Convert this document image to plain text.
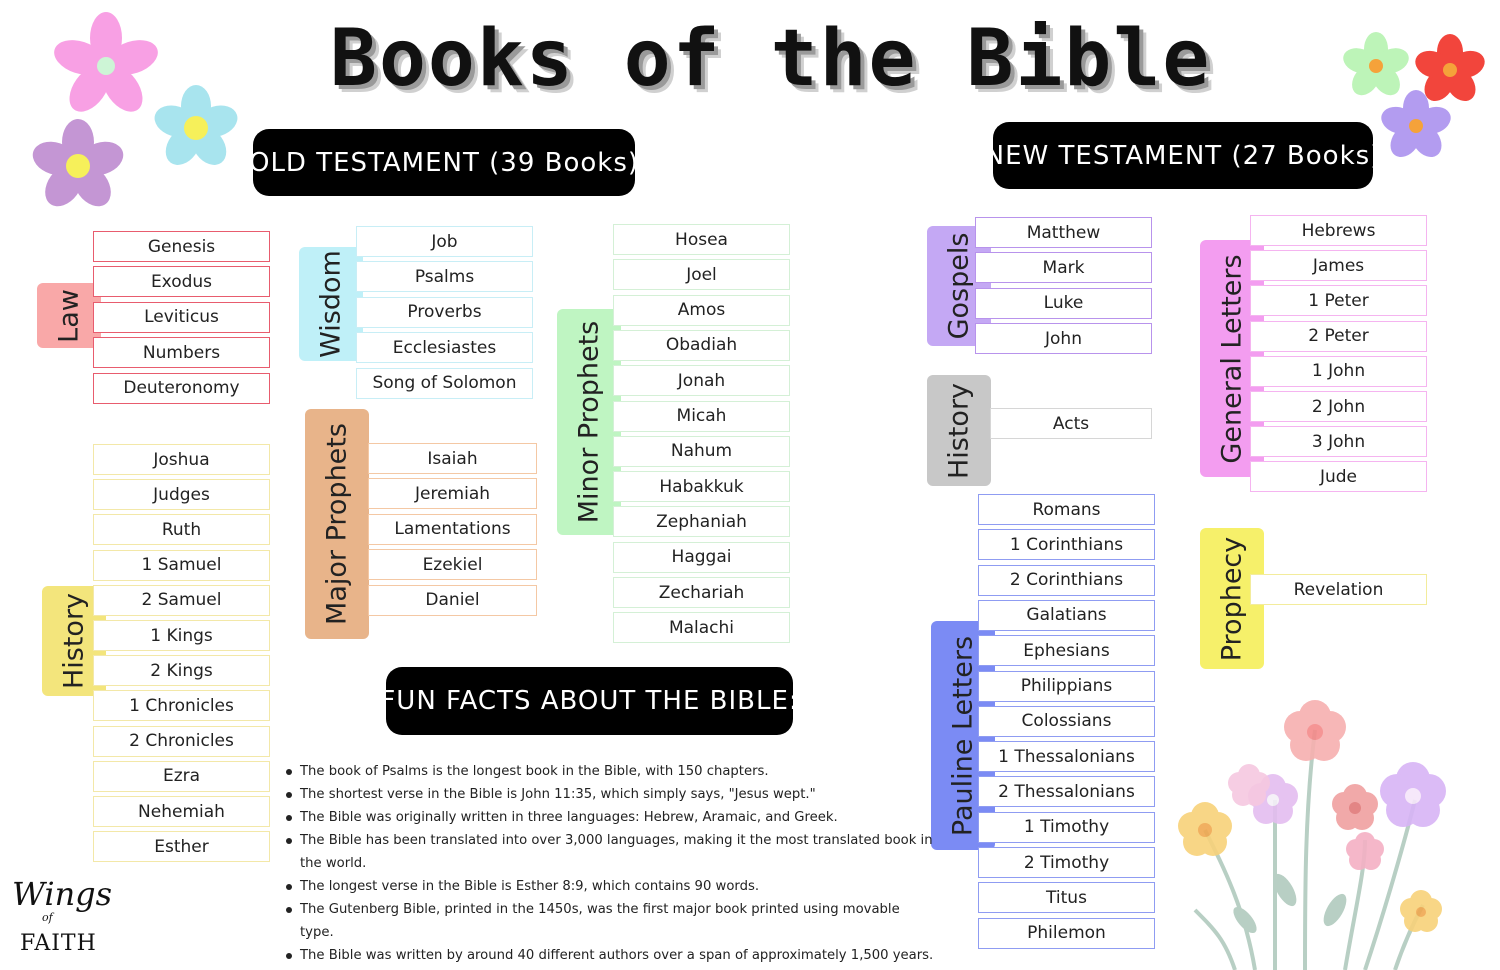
Books of the Bible
OLD TESTAMENT (39 Books)	NEW TESTAMENT (27 Books)
FUN FACTS ABOUT THE BIBLE:
Law
Genesis
Exodus
Leviticus
Numbers
Deuteronomy
Wisdom
Job
Psalms
Proverbs
Ecclesiastes
Song of Solomon
Major Prophets	Isaiah
Jeremiah
Lamentations
Ezekiel
Daniel
Minor Prophets
Hosea
Joel
Amos
Obadiah
Jonah
Micah
Nahum
Habakkuk
Zephaniah
Haggai
Zechariah
Malachi
History
Joshua
Judges
Ruth
1 Samuel
2 Samuel
1 Kings
2 Kings
1 Chronicles
2 Chronicles
Ezra
Nehemiah
Esther
Gospels
Matthew
Mark
Luke
John
History	Acts
Pauline Letters
Romans
1 Corinthians
2 Corinthians
Galatians
Ephesians
Philippians
Colossians
1 Thessalonians
2 Thessalonians
1 Timothy
2 Timothy
Titus
Philemon
General Letters
Hebrews
James
1 Peter
2 Peter
1 John
2 John
3 John
Jude
Prophecy	Revelation
The book of Psalms is the longest book in the Bible, with 150 chapters.
The shortest verse in the Bible is John 11:35, which simply says, "Jesus wept."
The Bible was originally written in three languages: Hebrew, Aramaic, and Greek.
The Bible has been translated into over 3,000 languages, making it the most translated book in the world.
The longest verse in the Bible is Esther 8:9, which contains 90 words.
The Gutenberg Bible, printed in the 1450s, was the first major book printed using movable type.
The Bible was written by around 40 different authors over a span of approximately 1,500 years.
Wings
of
FAITH
